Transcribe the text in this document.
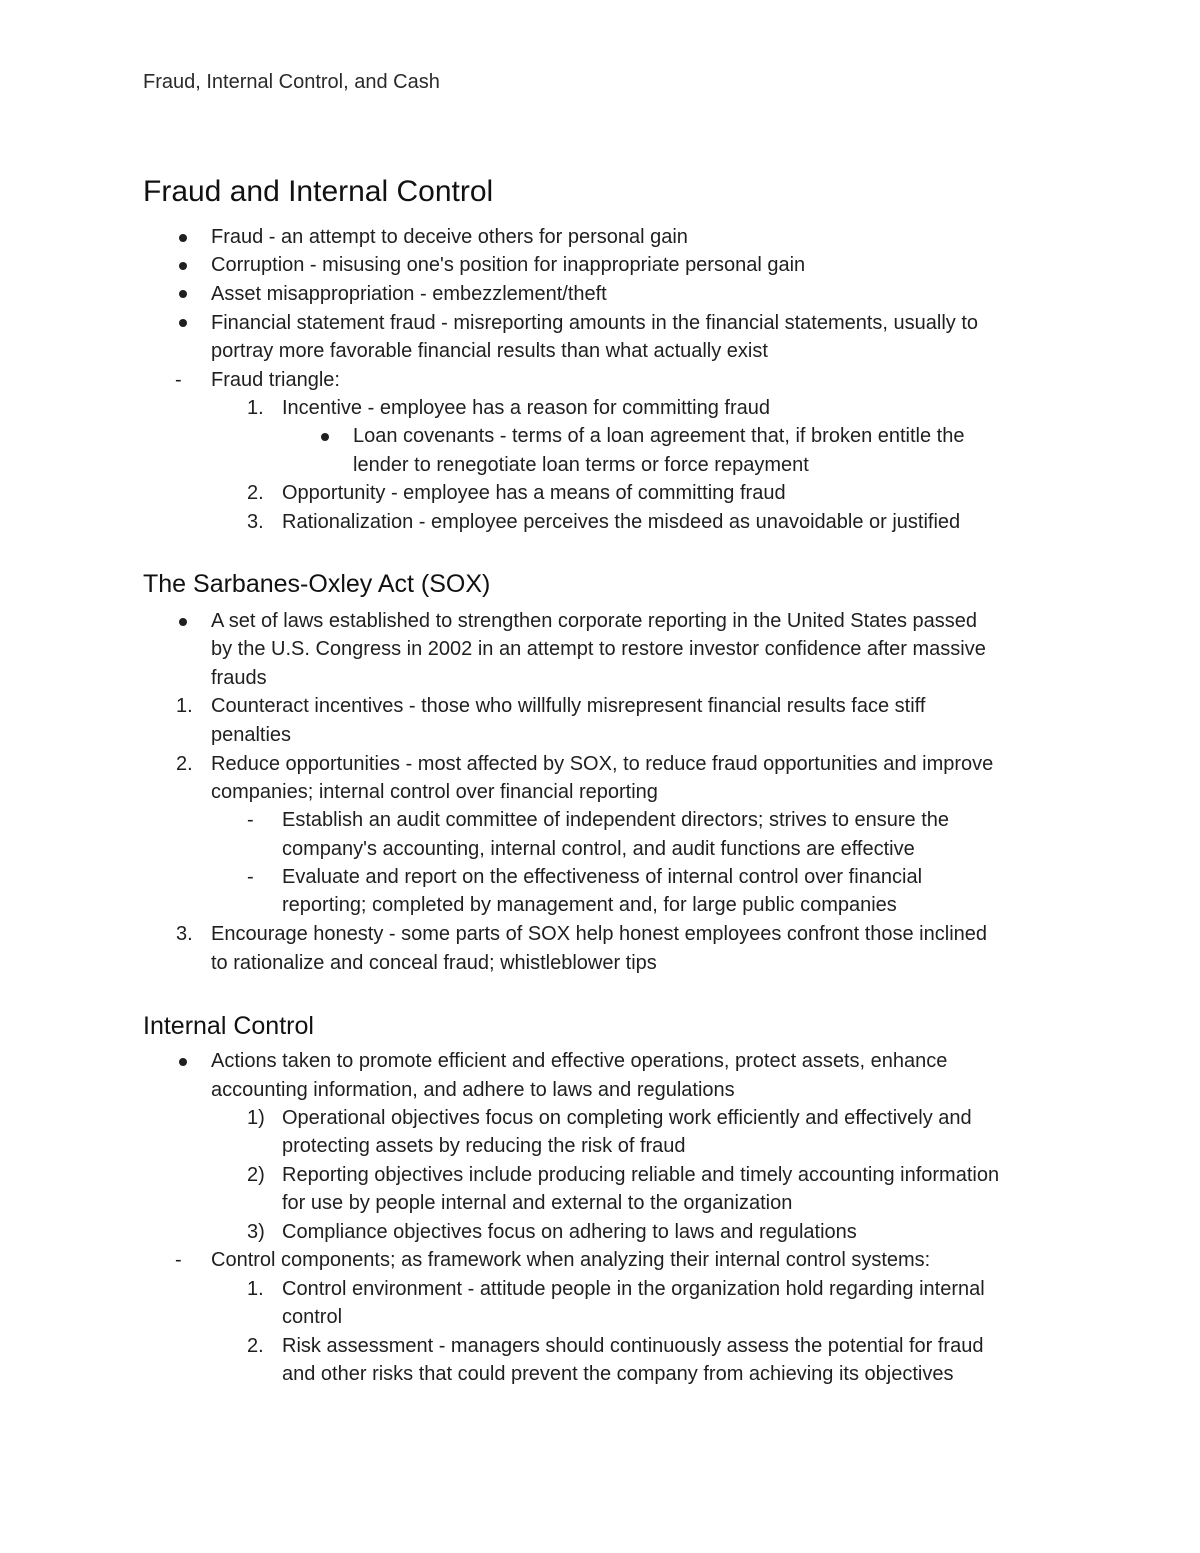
Fraud, Internal Control, and Cash
Fraud and Internal Control
Fraud - an attempt to deceive others for personal gain
Corruption - misusing one's position for inappropriate personal gain
Asset misappropriation - embezzlement/theft
Financial statement fraud - misreporting amounts in the financial statements, usually to
portray more favorable financial results than what actually exist
- Fraud triangle:
1. Incentive - employee has a reason for committing fraud
Loan covenants - terms of a loan agreement that, if broken entitle the
lender to renegotiate loan terms or force repayment
2. Opportunity - employee has a means of committing fraud
3. Rationalization - employee perceives the misdeed as unavoidable or justified
The Sarbanes-Oxley Act (SOX)
A set of laws established to strengthen corporate reporting in the United States passed
by the U.S. Congress in 2002 in an attempt to restore investor confidence after massive
frauds
1. Counteract incentives - those who willfully misrepresent financial results face stiff
penalties
2. Reduce opportunities - most affected by SOX, to reduce fraud opportunities and improve
companies; internal control over financial reporting
- Establish an audit committee of independent directors; strives to ensure the
company's accounting, internal control, and audit functions are effective
- Evaluate and report on the effectiveness of internal control over financial
reporting; completed by management and, for large public companies
3. Encourage honesty - some parts of SOX help honest employees confront those inclined
to rationalize and conceal fraud; whistleblower tips
Internal Control
Actions taken to promote efficient and effective operations, protect assets, enhance
accounting information, and adhere to laws and regulations
1) Operational objectives focus on completing work efficiently and effectively and
protecting assets by reducing the risk of fraud
2) Reporting objectives include producing reliable and timely accounting information
for use by people internal and external to the organization
3) Compliance objectives focus on adhering to laws and regulations
- Control components; as framework when analyzing their internal control systems:
1. Control environment - attitude people in the organization hold regarding internal
control
2. Risk assessment - managers should continuously assess the potential for fraud
and other risks that could prevent the company from achieving its objectives
